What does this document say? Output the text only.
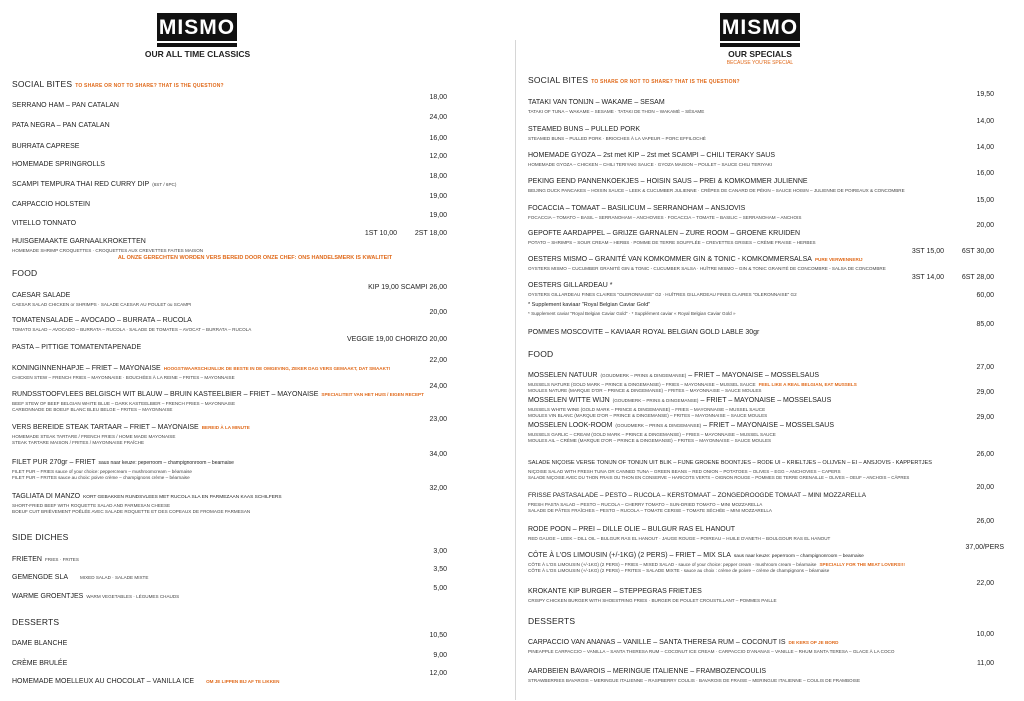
MISMO
OUR ALL TIME CLASSICS
SOCIAL BITES TO SHARE OR NOT TO SHARE? THAT IS THE QUESTION?
SERRANO HAM – PAN CATALAN
18,00
PATA NEGRA – PAN CATALAN
24,00
BURRATA CAPRESE
16,00
HOMEMADE SPRINGROLLS
12,00
SCAMPI TEMPURA THAI RED CURRY DIP (6ST / 6PC)
18,00
CARPACCIO HOLSTEIN
19,00
VITELLO TONNATO
19,00
HUISGEMAAKTE GARNAALKROKETTEN
HOMEMADE SHRIMP CROQUETTES · CROQUETTES AUX CREVETTES FAITES MAISON
1ST 10,00	2ST 18,00
AL ONZE GERECHTEN WORDEN VERS BEREID DOOR ONZE CHEF: ONS HANDELSMERK IS KWALITEIT
FOOD
CAESAR SALADE
CAESAR SALAD CHICKEN or SHRIMPS · SALADE CAESAR AU POULET ou SCAMPI
KIP 19,00 SCAMPI 26,00
TOMATENSALADE – AVOCADO – BURRATA – RUCOLA
TOMATO SALAD – AVOCADO – BURRATA – RUCOLA · SALADE DE TOMATES – AVOCAT – BURRATA – RUCOLA
20,00
PASTA – PITTIGE TOMATENTAPENADE
VEGGIE 19,00 CHORIZO 20,00
KONINGINNENHAPJE – FRIET – MAYONAISE HOOGSTWAARSCHIJNLIJK DE BESTE IN DE OMGEVING, ZEKER DAG VERS GEMAAKT, DAT SMAAKT!
CHICKEN STEW – FRENCH FRIES – MAYONNAISE · BOUCHÉES À LA REINE – FRITES – MAYONNAISE
22,00
RUNDSSTOOFVLEES BELGISCH WIT BLAUW – BRUIN KASTEELBIER – FRIET – MAYONAISE SPECIALITEIT VAN HET HUIS / EIGEN RECEPT
BEEF STEW OF BEEF BELGIAN WHITE BLUE – DARK KASTEELBIER – FRENCH FRIES – MAYONNAISE
CARBONNADE DE BOEUF BLANC BLEU BELGE – FRITES – MAYONNAISE
24,00
VERS BEREIDE STEAK TARTAAR – FRIET – MAYONAISE BEREID À LA MINUTE
HOMEMADE STEAK TARTARE / FRENCH FRIES / HOME MADE MAYONAISE
STEAK TARTARE MAISON / FRITES / MAYONNAISE FRAÎCHE
23,00
FILET PUR 270gr – FRIET saus naar keuze: peperroom – champignonroom – bearnaise
FILET PUR – FRIES sauce of your choice: peppercream – mushroomcream – béarnaise
FILET PUR – FRITES sauce au choix: poivre crème – champignons crème – béarnaise
34,00
TAGLIATA DI MANZO KORT GEBAKKEN RUNDSVLEES MET RUCOLA SLA EN PARMEZAAN KAAS SCHILFERS
SHORT-FRIED BEEF WITH ROQUETTE SALAD AND PARMESAN CHEESE
BOEUF CUIT BRIÈVEMENT POÊLÉE AVEC SALADE ROQUETTE ET DES COPEAUX DE FROMAGE PARMESAN
32,00
SIDE DICHES
FRIETEN FRIES · FRITES
3,00
GEMENGDE SLA	MIXED SALAD · SALADE MIXTE
3,50
WARME GROENTJES WARM VEGETABLES · LÉGUMES CHAUDS
5,00
DESSERTS
DAME BLANCHE
10,50
CRÈME BRULÉE
9,00
HOMEMADE MOELLEUX AU CHOCOLAT – VANILLA ICE	OM JE LIPPEN BIJ AF TE LIKKEN
12,00
MISMO
OUR SPECIALS
BECAUSE YOU'RE SPECIAL
SOCIAL BITES TO SHARE OR NOT TO SHARE? THAT IS THE QUESTION?
TATAKI VAN TONIJN – WAKAME – SESAM
TATAKI OF TUNA – WAKAME – SESAME · TATAKI DE THON – WAKAMÉ – SÉSAME
19,50
STEAMED BUNS – PULLED PORK
STEAMED BUNS – PULLED PORK · BRIOCHES À LA VAPEUR – PORC EFFILOCHÉ
14,00
HOMEMADE GYOZA – 2st met KIP – 2st met SCAMPI – CHILI TERAKY SAUS
HOMEMADE GYOZA – CHICKEN – CHILI TERIYAKI SAUCE · GYOZA MAISON – POULET – SAUCE CHILI TERIYAKI
14,00
PEKING EEND PANNENKOEKJES – HOISIN SAUS – PREI & KOMKOMMER JULIENNE
BEIJING DUCK PANCAKES – HOISIN SAUCE – LEEK & CUCUMBER JULIENNE · CRÊPES DE CANARD DE PÉKIN – SAUCE HOISIN – JULIENNE DE POIREAUX & CONCOMBRE
16,00
FOCACCIA – TOMAAT – BASILICUM – SERRANOHAM – ANSJOVIS
FOCACCIA – TOMATO – BASIL – SERRANOHAM – ANCHOVIES · FOCACCIA – TOMATE – BASILIC – SERRANOHAM – ANCHOIS
15,00
GEPOFTE AARDAPPEL – GRIJZE GARNALEN – ZURE ROOM – GROENE KRUIDEN
POTATO – SHRIMPS – SOUR CREAM – HERBS · POMME DE TERRE SOUFFLÉE – CREVETTES GRISES – CRÈME FRAISE – HERBES
20,00
OESTERS MISMO – GRANITÉ VAN KOMKOMMER GIN & TONIC - KOMKOMMERSALSA PURE VERWENNERIJ
OYSTERS MISMO – CUCUMBER GRANITÉ GIN & TONIC - CUCUMBER SALSA · HUÎTRE MISMO – GIN & TONIC GRANITÉ DE CONCOMBRE - SALSA DE CONCOMBRE
3ST 15,00	6ST 30,00
OESTERS GILLARDEAU *
OYSTERS GILLARDEAU FINES CLAIRES "OLERONNAISE" G2 · HUÎTRES GILLARDEAU FINES CLAIRES "OLERONNAISE" G2
3ST 14,00	6ST 28,00
* Supplement kaviaar "Royal Belgian Caviar Gold"
* Supplement caviar "Royal Belgian Caviar Gold" · * Supplément caviar « Royal Belgian Caviar Gold »
60,00
POMMES MOSCOVITE – KAVIAAR ROYAL BELGIAN GOLD LABLE 30gr
85,00
FOOD
MOSSELEN NATUUR (GOUDMERK – PRINS & DINGEMANSE) – FRIET – MAYONAISE – MOSSELSAUS
MUSSELS NATURE (GOLD MARK – PRINCE & DINGEMANSE) – FRIES – MAYONNAISE – MUSSEL SAUCE FEEL LIKE A REAL BELGIAN, EAT MUSSELS
MOULES NATURE (MARQUE D'OR – PRINCE & DINGEMANSE) – FRITES – MAYONNAISE – SAUCE MOULES
27,00
MOSSELEN WITTE WIJN (GOUDMERK – PRINS & DINGEMANSE) – FRIET – MAYONAISE – MOSSELSAUS
MUSSELS WHITE WINE (GOLD MARK – PRINCE & DINGEMANSE) – FRIES – MAYONNAISE – MUSSEL SAUCE
MOULES VIN BLANC (MARQUE D'OR – PRINCE & DINGEMANSE) – FRITES – MAYONNAISE – SAUCE MOULES
29,00
MOSSELEN LOOK-ROOM (GOUDMERK – PRINS & DINGEMANSE) – FRIET – MAYONAISE – MOSSELSAUS
MUSSELS GARLIC – CREAM (GOLD MARK – PRINCE & DINGEMANSE) – FRIES – MAYONNAISE – MUSSEL SAUCE
MOULES AIL – CRÈME (MARQUE D'OR – PRINCE & DINGEMANSE) – FRITES – MAYONNAISE – SAUCE MOULES
29,00
SALADE NIÇOISE VERSE TONIJN OF TONIJN UIT BLIK – FIJNE GROENE BOONTJES – RODE UI – KRIELTJES – OLIJVEN – EI – ANSJOVIS - KAPPERTJES
NIÇOISE SALAD WITH FRESH TUNA OR CANNED TUNA – GREEN BEANS – RED ONION – POTATOES – OLIVES – EGG – ANCHOVIES – CAPERS
SALADE NIÇOISE AVEC DU THON FRAIS OU THON EN CONSERVE – HARICOTS VERTS – OIGNON ROUGE – POMMES DE TERRE GRENAILLE – OLIVES – OEUF – ANCHOIS – CÂPRES
26,00
FRISSE PASTASALADE – PESTO – RUCOLA – KERSTOMAAT – ZONGEDROOGDE TOMAAT – MINI MOZZARELLA
FRESH PASTA SALAD – PESTO – RUCOLA – CHERRY TOMATO – SUN-DRIED TOMATO – MINI MOZZARELLA
SALADE DE PÂTES FRAÎCHES – PESTO – RUCOLA – TOMATE CERISE – TOMATE SÉCHÉE – MINI MOZZARELLA
20,00
RODE POON – PREI – DILLE OLIE – BULGUR RAS EL HANOUT
RED GAUGE – LEEK – DILL OIL – BULGUR RAS EL HANOUT · JAUGE ROUGE – POIREAU – HUILE D'ANETH – BOULGOUR RAS EL HANOUT
26,00
CÔTE À L'OS LIMOUSIN (+/-1KG) (2 PERS) – FRIET – MIX SLA saus naar keuze: peperroom – champignonroom – bearnaise
CÔTE À L'OS LIMOUSIN (+/-1KG) (2 PERS) – FRIES – MIXED SALAD - sauce of your choice: pepper cream - mushroom cream – béarnaise SPECIALLY FOR THE MEAT LOVERS!!!
CÔTE À L'OS LIMOUSIN (+/-1KG) (2 PERS) – FRITES – SALADE MIXTE - sauce au choix : crème de poivre – crème de champignons – béarnaise
37,00/PERS
KROKANTE KIP BURGER – STEPPEGRAS FRIETJES
CRISPY CHICKEN BURGER WITH SHOESTRING FRIES · BURGER DE POULET CROUSTILLANT – POMMES PAILLE
22,00
DESSERTS
CARPACCIO VAN ANANAS – VANILLE – SANTA THERESA RUM – COCONUT IS DE KERS OP JE BORD
PINEAPPLE CARPACCIO – VANILLA – SANTA THERESA RUM – COCONUT ICE CREAM · CARPACCIO D'ANANAS – VANILLE – RHUM SANTA TERESA – GLACE À LA COCO
10,00
AARDBEIEN BAVAROIS – MERINGUE ITALIENNE – FRAMBOZENCOULIS
STRAWBERRIES BAVAROIS – MERINGUE ITALIENNE – RASPBERRY COULIS · BAVAROIS DE FRAISE – MERINGUE ITALIENNE – COULIS DE FRAMBOISE
11,00
